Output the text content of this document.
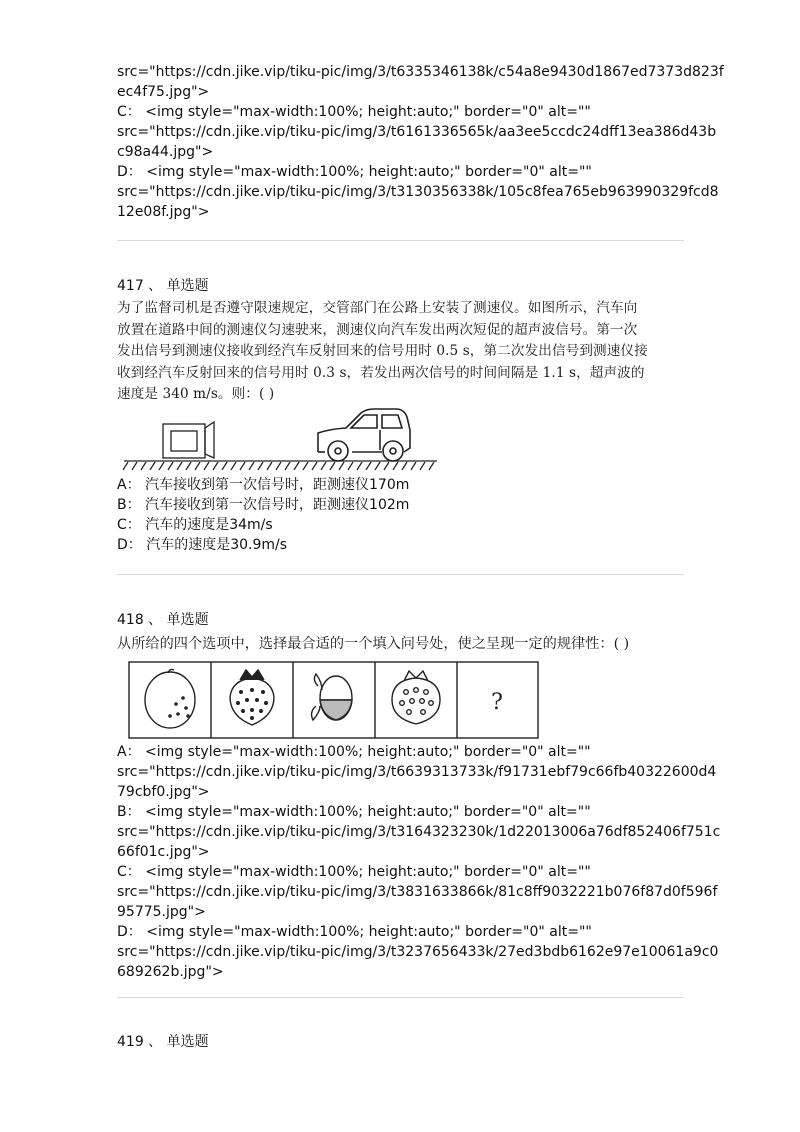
src="https://cdn.jike.vip/tiku-pic/img/3/t6335346138k/c54a8e9430d1867ed7373d823f
ec4f75.jpg">
C： <img style="max-width:100%; height:auto;" border="0" alt=""
src="https://cdn.jike.vip/tiku-pic/img/3/t6161336565k/aa3ee5ccdc24dff13ea386d43b
c98a44.jpg">
D： <img style="max-width:100%; height:auto;" border="0" alt=""
src="https://cdn.jike.vip/tiku-pic/img/3/t3130356338k/105c8fea765eb963990329fcd8
12e08f.jpg">
417 、 单选题
为了监督司机是否遵守限速规定，交管部门在公路上安装了测速仪。如图所示，汽车向
放置在道路中间的测速仪匀速驶来，测速仪向汽车发出两次短促的超声波信号。第一次
发出信号到测速仪接收到经汽车反射回来的信号用时 0.5 s，第二次发出信号到测速仪接
收到经汽车反射回来的信号用时 0.3 s，若发出两次信号的时间间隔是 1.1 s，超声波的
速度是 340 m/s。则：( )
A： 汽车接收到第一次信号时，距测速仪170m
B： 汽车接收到第一次信号时，距测速仪102m
C： 汽车的速度是34m/s
D： 汽车的速度是30.9m/s
418 、 单选题
从所给的四个选项中，选择最合适的一个填入问号处，使之呈现一定的规律性：( )
?
A： <img style="max-width:100%; height:auto;" border="0" alt=""
src="https://cdn.jike.vip/tiku-pic/img/3/t6639313733k/f91731ebf79c66fb40322600d4
79cbf0.jpg">
B： <img style="max-width:100%; height:auto;" border="0" alt=""
src="https://cdn.jike.vip/tiku-pic/img/3/t3164323230k/1d22013006a76df852406f751c
66f01c.jpg">
C： <img style="max-width:100%; height:auto;" border="0" alt=""
src="https://cdn.jike.vip/tiku-pic/img/3/t3831633866k/81c8ff9032221b076f87d0f596f
95775.jpg">
D： <img style="max-width:100%; height:auto;" border="0" alt=""
src="https://cdn.jike.vip/tiku-pic/img/3/t3237656433k/27ed3bdb6162e97e10061a9c0
689262b.jpg">
419 、 单选题
